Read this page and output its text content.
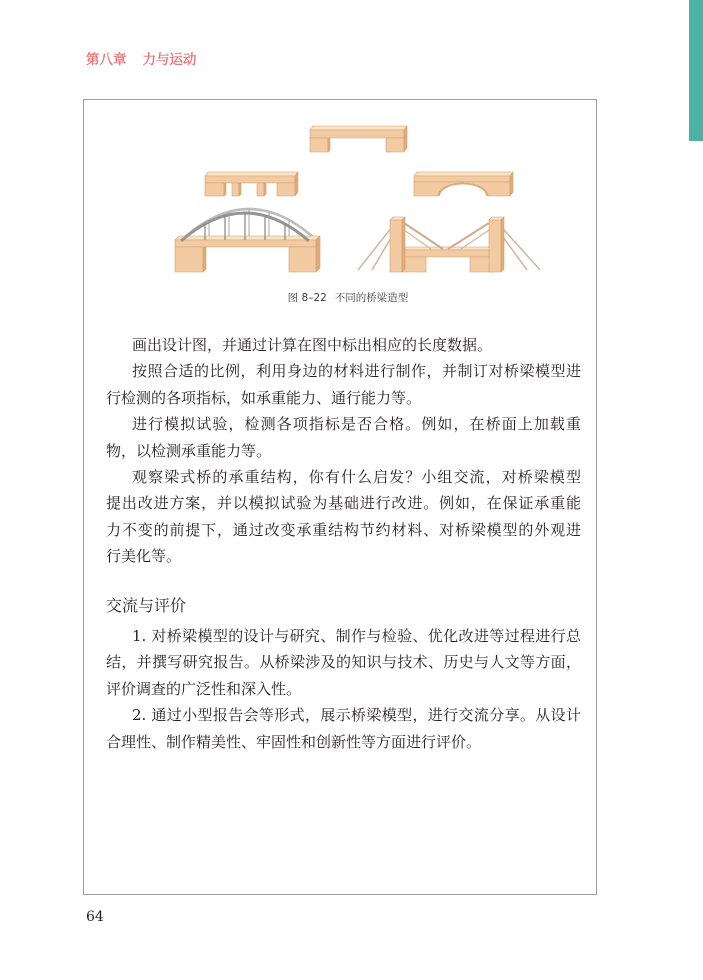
第八章 力与运动
图 8–22 不同的桥梁造型
画出设计图，并通过计算在图中标出相应的长度数据。
按照合适的比例，利用身边的材料进行制作，并制订对桥梁模型进
行检测的各项指标，如承重能力、通行能力等。
进行模拟试验，检测各项指标是否合格。例如，在桥面上加载重
物，以检测承重能力等。
观察梁式桥的承重结构，你有什么启发？小组交流，对桥梁模型
提出改进方案，并以模拟试验为基础进行改进。例如，在保证承重能
力不变的前提下，通过改变承重结构节约材料、对桥梁模型的外观进
行美化等。
交流与评价
1. 对桥梁模型的设计与研究、制作与检验、优化改进等过程进行总
结，并撰写研究报告。从桥梁涉及的知识与技术、历史与人文等方面，
评价调查的广泛性和深入性。
2. 通过小型报告会等形式，展示桥梁模型，进行交流分享。从设计
合理性、制作精美性、牢固性和创新性等方面进行评价。
64
